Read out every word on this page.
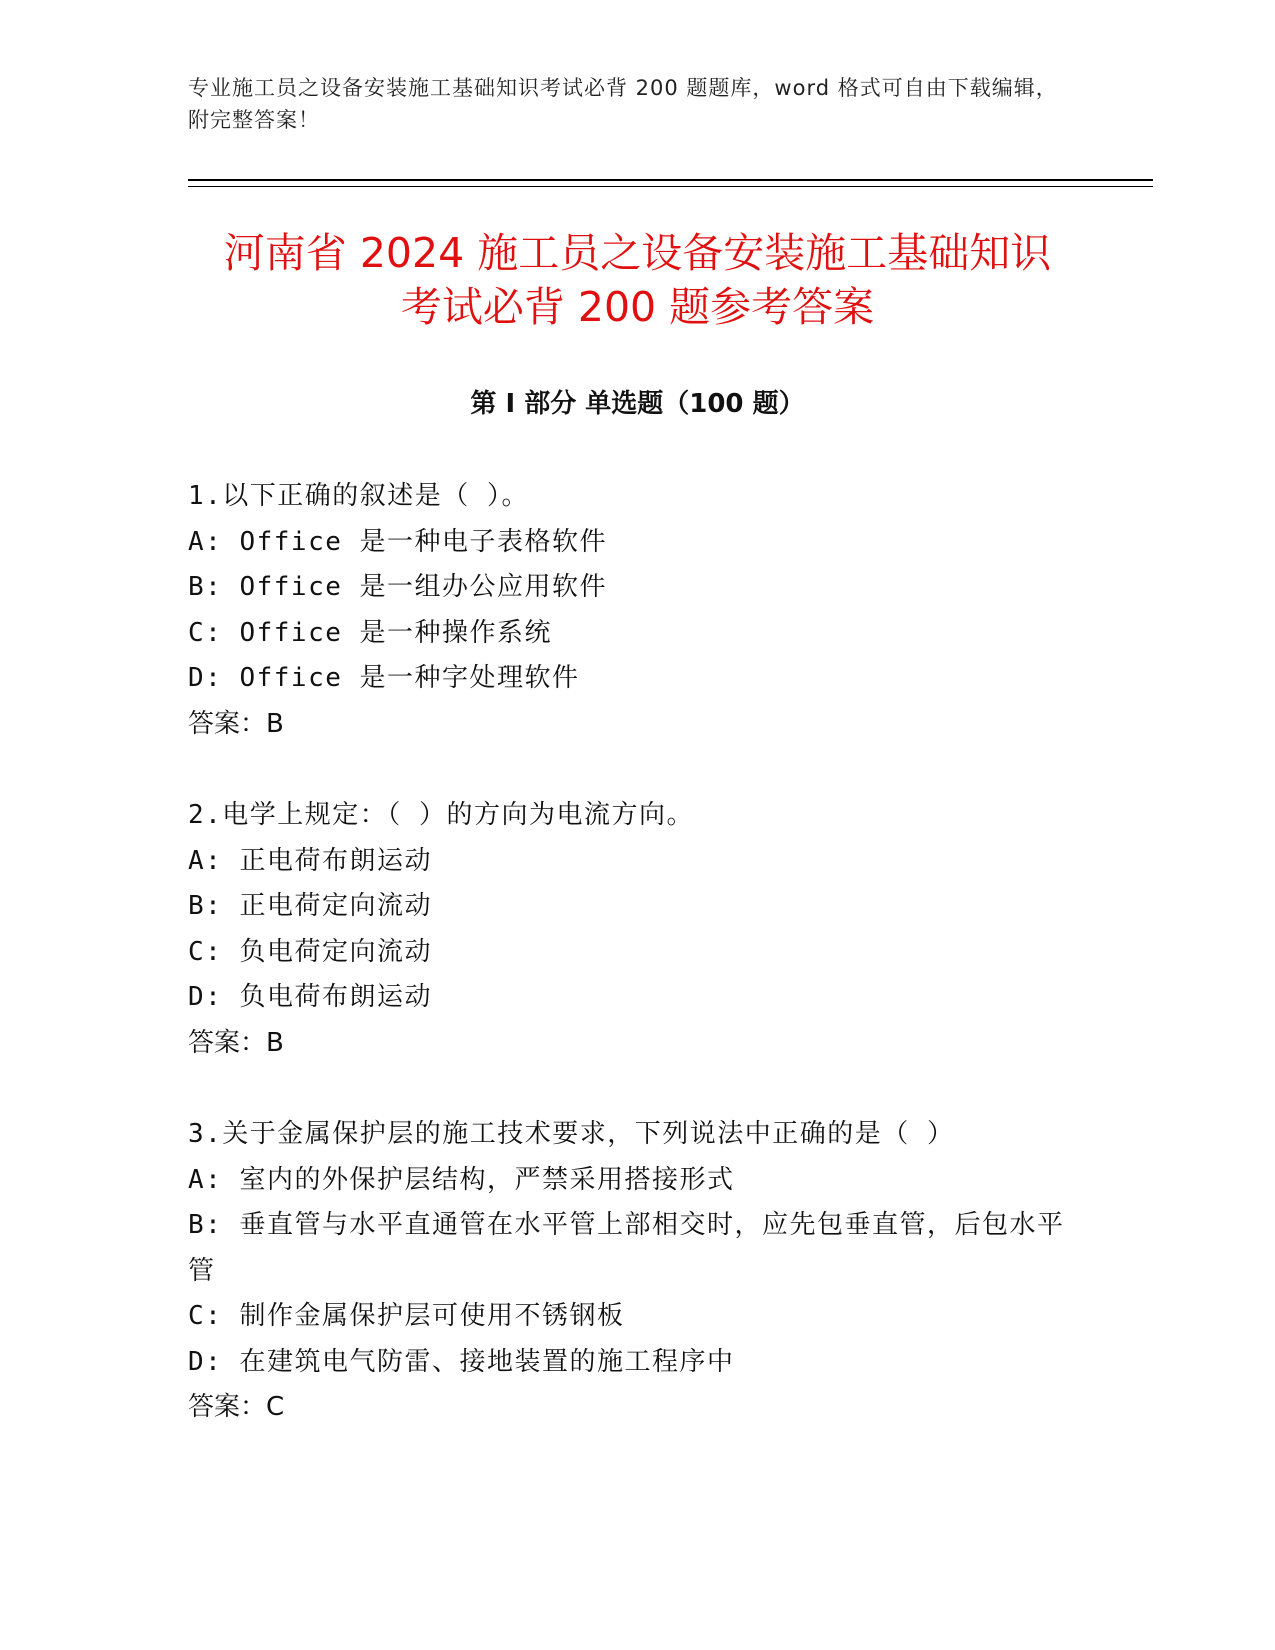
专业施工员之设备安装施工基础知识考试必背 200 题题库，word 格式可自由下载编辑，附完整答案！
河南省 2024 施工员之设备安装施工基础知识
考试必背 200 题参考答案
第 I 部分 单选题（100 题）
1.以下正确的叙述是（ ）。
A: Office 是一种电子表格软件
B: Office 是一组办公应用软件
C: Office 是一种操作系统
D: Office 是一种字处理软件
答案：B
2.电学上规定：（ ）的方向为电流方向。
A: 正电荷布朗运动
B: 正电荷定向流动
C: 负电荷定向流动
D: 负电荷布朗运动
答案：B
3.关于金属保护层的施工技术要求，下列说法中正确的是（ ）
A: 室内的外保护层结构，严禁采用搭接形式
B: 垂直管与水平直通管在水平管上部相交时，应先包垂直管，后包水平管
C: 制作金属保护层可使用不锈钢板
D: 在建筑电气防雷、接地装置的施工程序中
答案：C
